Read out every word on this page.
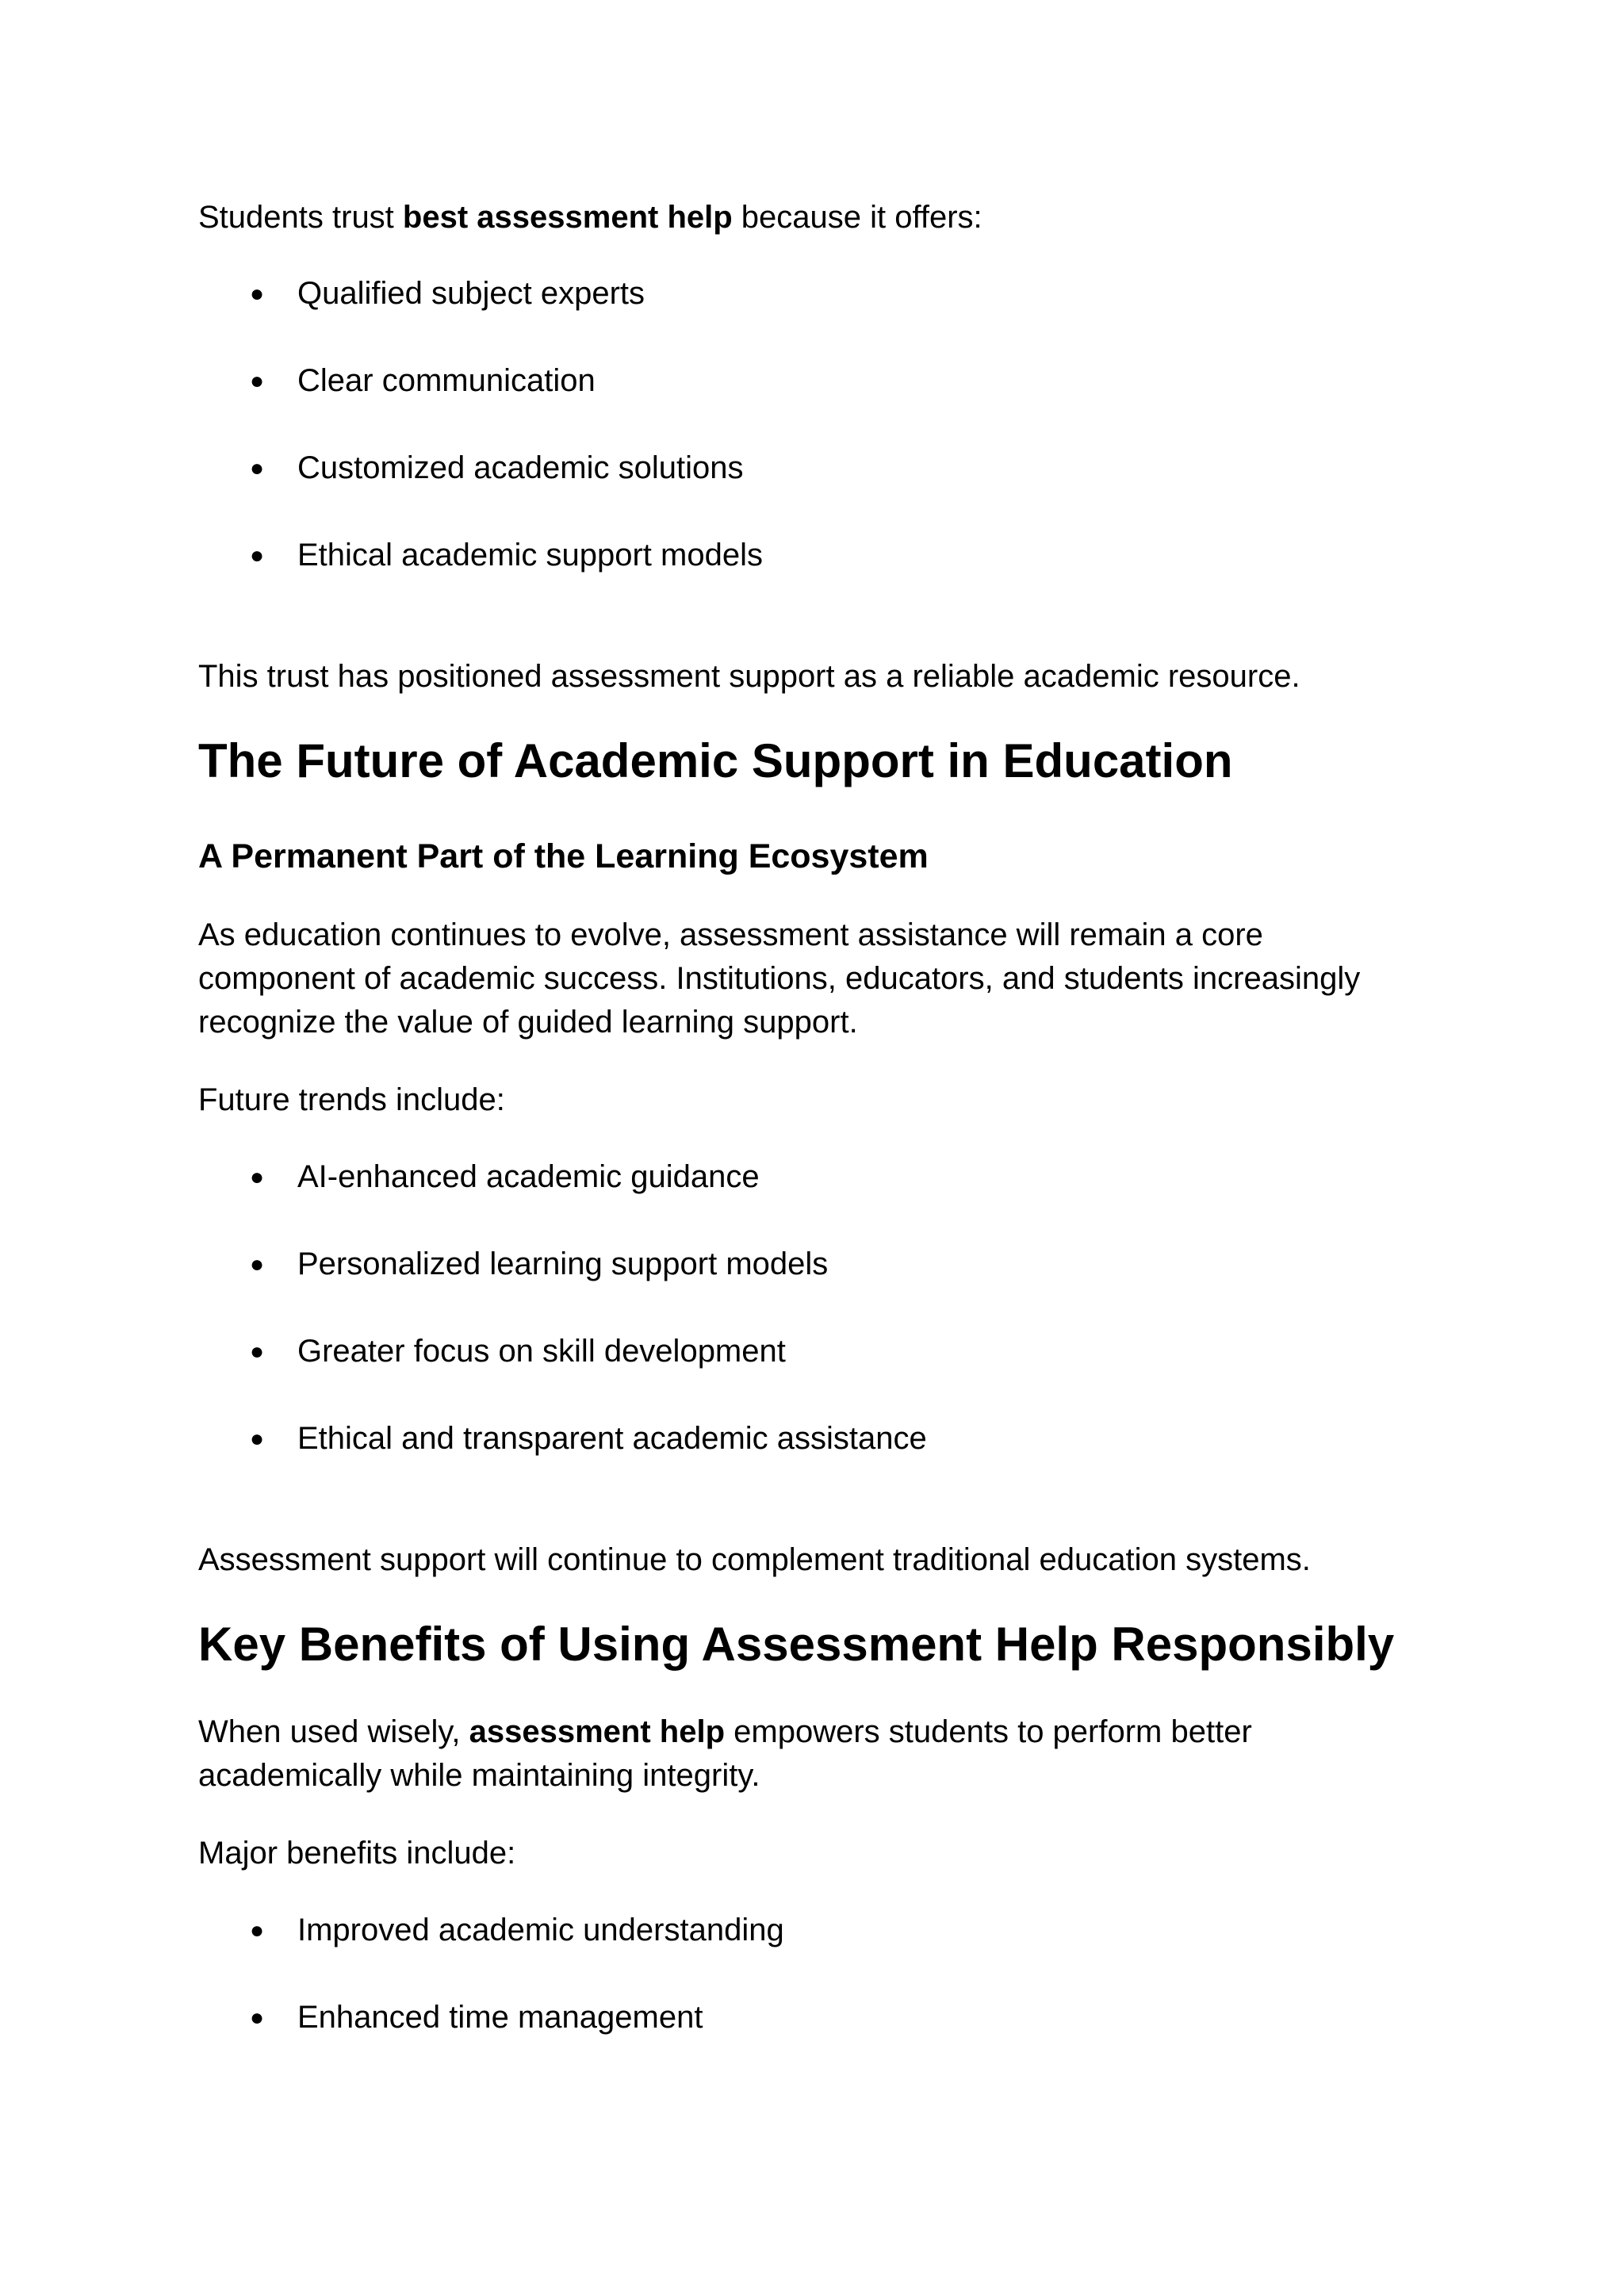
Students trust best assessment help because it offers:

● Qualified subject experts
● Clear communication
● Customized academic solutions
● Ethical academic support models

This trust has positioned assessment support as a reliable academic resource.

The Future of Academic Support in Education
A Permanent Part of the Learning Ecosystem

As education continues to evolve, assessment assistance will remain a core

component of academic success. Institutions, educators, and students increasingly

recognize the value of guided learning support.

Future trends include:

● AI-enhanced academic guidance
● Personalized learning support models
● Greater focus on skill development
● Ethical and transparent academic assistance

Assessment support will continue to complement traditional education systems.

Key Benefits of Using Assessment Help Responsibly

When used wisely, assessment help empowers students to perform better

academically while maintaining integrity.

Major benefits include:

● Improved academic understanding
● Enhanced time management
